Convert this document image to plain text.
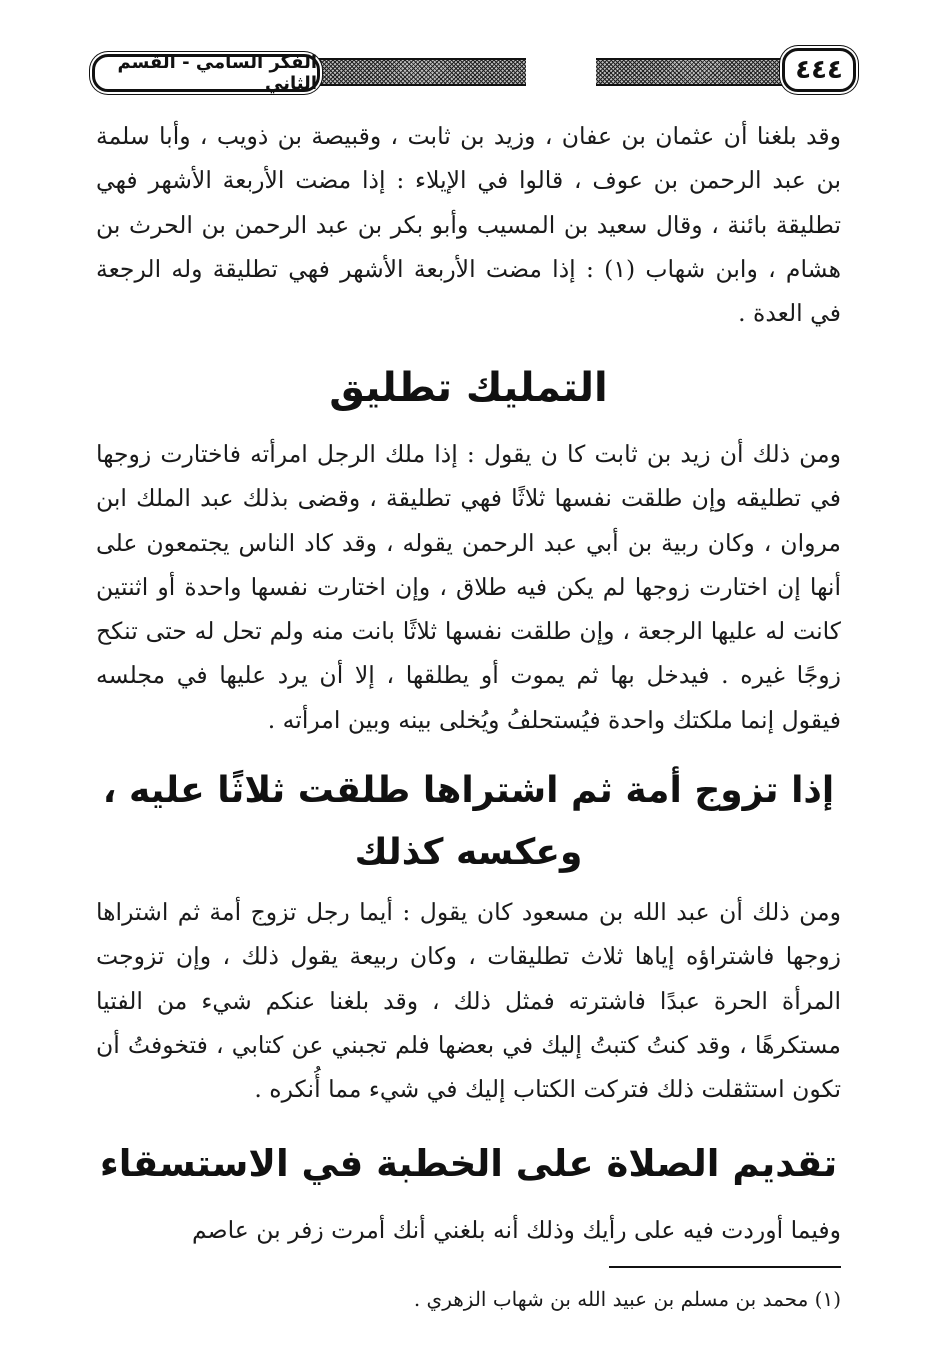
٤٤٤
الفكر السامي - القسم الثاني

وقد بلغنا أن عثمان بن عفان ، وزيد بن ثابت ، وقبيصة بن ذويب ، وأبا سلمة بن عبد الرحمن بن عوف ، قالوا في الإيلاء : إذا مضت الأربعة الأشهر فهي تطليقة بائنة ، وقال سعيد بن المسيب وأبو بكر بن عبد الرحمن بن الحرث بن هشام ، وابن شهاب (١) : إذا مضت الأربعة الأشهر فهي تطليقة وله الرجعة في العدة .

التمليك تطليق

ومن ذلك أن زيد بن ثابت كا ن يقول : إذا ملك الرجل امرأته فاختارت زوجها في تطليقه وإن طلقت نفسها ثلاثًا فهي تطليقة ، وقضى بذلك عبد الملك ابن مروان ، وكان ربية بن أبي عبد الرحمن يقوله ، وقد كاد الناس يجتمعون على أنها إن اختارت زوجها لم يكن فيه طلاق ، وإن اختارت نفسها واحدة أو اثنتين كانت له عليها الرجعة ، وإن طلقت نفسها ثلاثًا بانت منه ولم تحل له حتى تنكح زوجًا غيره . فيدخل بها ثم يموت أو يطلقها ، إلا أن يرد عليها في مجلسه فيقول إنما ملكتك واحدة فيُستحلفُ ويُخلى بينه وبين امرأته .

إذا تزوج أمة ثم اشتراها طلقت ثلاثًا عليه ،
وعكسه كذلك

ومن ذلك أن عبد الله بن مسعود كان يقول : أيما رجل تزوج أمة ثم اشتراها زوجها فاشتراؤه إياها ثلاث تطليقات ، وكان ربيعة يقول ذلك ، وإن تزوجت المرأة الحرة عبدًا فاشترته فمثل ذلك ، وقد بلغنا عنكم شيء من الفتيا مستكرهًا ، وقد كنتُ كتبتُ إليك في بعضها فلم تجبني عن كتابي ، فتخوفتُ أن تكون استثقلت ذلك فتركت الكتاب إليك في شيء مما أُنكره .

تقديم الصلاة على الخطبة في الاستسقاء

وفيما أوردت فيه على رأيك وذلك أنه بلغني أنك أمرت زفر بن عاصم

(١) محمد بن مسلم بن عبيد الله بن شهاب الزهري .
